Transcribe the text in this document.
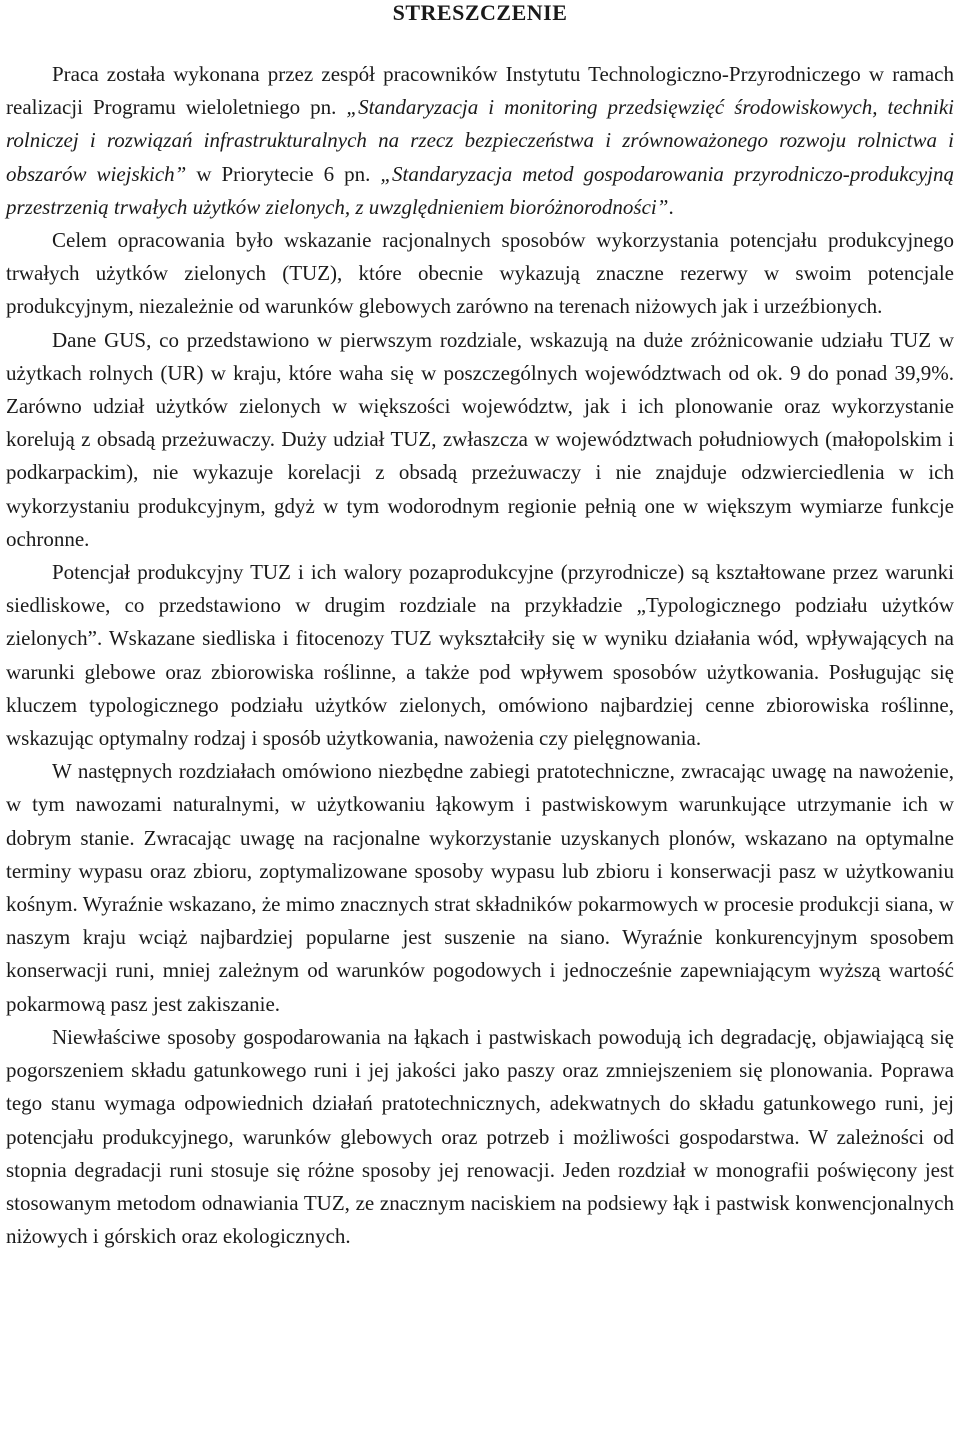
STRESZCZENIE

Praca została wykonana przez zespół pracowników Instytutu Technologiczno-Przyrodniczego w ramach realizacji Programu wieloletniego pn. „Standaryzacja i monitoring przedsięwzięć środowiskowych, techniki rolniczej i rozwiązań infrastrukturalnych na rzecz bezpieczeństwa i zrównoważonego rozwoju rolnictwa i obszarów wiejskich” w Priorytecie 6 pn. „Standaryzacja metod gospodarowania przyrodniczo-produkcyjną przestrzenią trwałych użytków zielonych, z uwzględnieniem bioróżnorodności”.

Celem opracowania było wskazanie racjonalnych sposobów wykorzystania potencjału produkcyjnego trwałych użytków zielonych (TUZ), które obecnie wykazują znaczne rezerwy w swoim potencjale produkcyjnym, niezależnie od warunków glebowych zarówno na terenach niżowych jak i urzeźbionych.

Dane GUS, co przedstawiono w pierwszym rozdziale, wskazują na duże zróżnicowanie udziału TUZ w użytkach rolnych (UR) w kraju, które waha się w poszczególnych województwach od ok. 9 do ponad 39,9%. Zarówno udział użytków zielonych w większości województw, jak i ich plonowanie oraz wykorzystanie korelują z obsadą przeżuwaczy. Duży udział TUZ, zwłaszcza w województwach południowych (małopolskim i podkarpackim), nie wykazuje korelacji z obsadą przeżuwaczy i nie znajduje odzwierciedlenia w ich wykorzystaniu produkcyjnym, gdyż w tym wodorodnym regionie pełnią one w większym wymiarze funkcje ochronne.

Potencjał produkcyjny TUZ i ich walory pozaprodukcyjne (przyrodnicze) są kształtowane przez warunki siedliskowe, co przedstawiono w drugim rozdziale na przykładzie „Typologicznego podziału użytków zielonych”. Wskazane siedliska i fitocenozy TUZ wykształciły się w wyniku działania wód, wpływających na warunki glebowe oraz zbiorowiska roślinne, a także pod wpływem sposobów użytkowania. Posługując się kluczem typologicznego podziału użytków zielonych, omówiono najbardziej cenne zbiorowiska roślinne, wskazując optymalny rodzaj i sposób użytkowania, nawożenia czy pielęgnowania.

W następnych rozdziałach omówiono niezbędne zabiegi pratotechniczne, zwracając uwagę na nawożenie, w tym nawozami naturalnymi, w użytkowaniu łąkowym i pastwiskowym warunkujące utrzymanie ich w dobrym stanie. Zwracając uwagę na racjonalne wykorzystanie uzyskanych plonów, wskazano na optymalne terminy wypasu oraz zbioru, zoptymalizowane sposoby wypasu lub zbioru i konserwacji pasz w użytkowaniu kośnym. Wyraźnie wskazano, że mimo znacznych strat składników pokarmowych w procesie produkcji siana, w naszym kraju wciąż najbardziej popularne jest suszenie na siano. Wyraźnie konkurencyjnym sposobem konserwacji runi, mniej zależnym od warunków pogodowych i jednocześnie zapewniającym wyższą wartość pokarmową pasz jest zakiszanie.

Niewłaściwe sposoby gospodarowania na łąkach i pastwiskach powodują ich degradację, objawiającą się pogorszeniem składu gatunkowego runi i jej jakości jako paszy oraz zmniejszeniem się plonowania. Poprawa tego stanu wymaga odpowiednich działań pratotechnicznych, adekwatnych do składu gatunkowego runi, jej potencjału produkcyjnego, warunków glebowych oraz potrzeb i możliwości gospodarstwa. W zależności od stopnia degradacji runi stosuje się różne sposoby jej renowacji. Jeden rozdział w monografii poświęcony jest stosowanym metodom odnawiania TUZ, ze znacznym naciskiem na podsiewy łąk i pastwisk konwencjonalnych niżowych i górskich oraz ekologicznych.
